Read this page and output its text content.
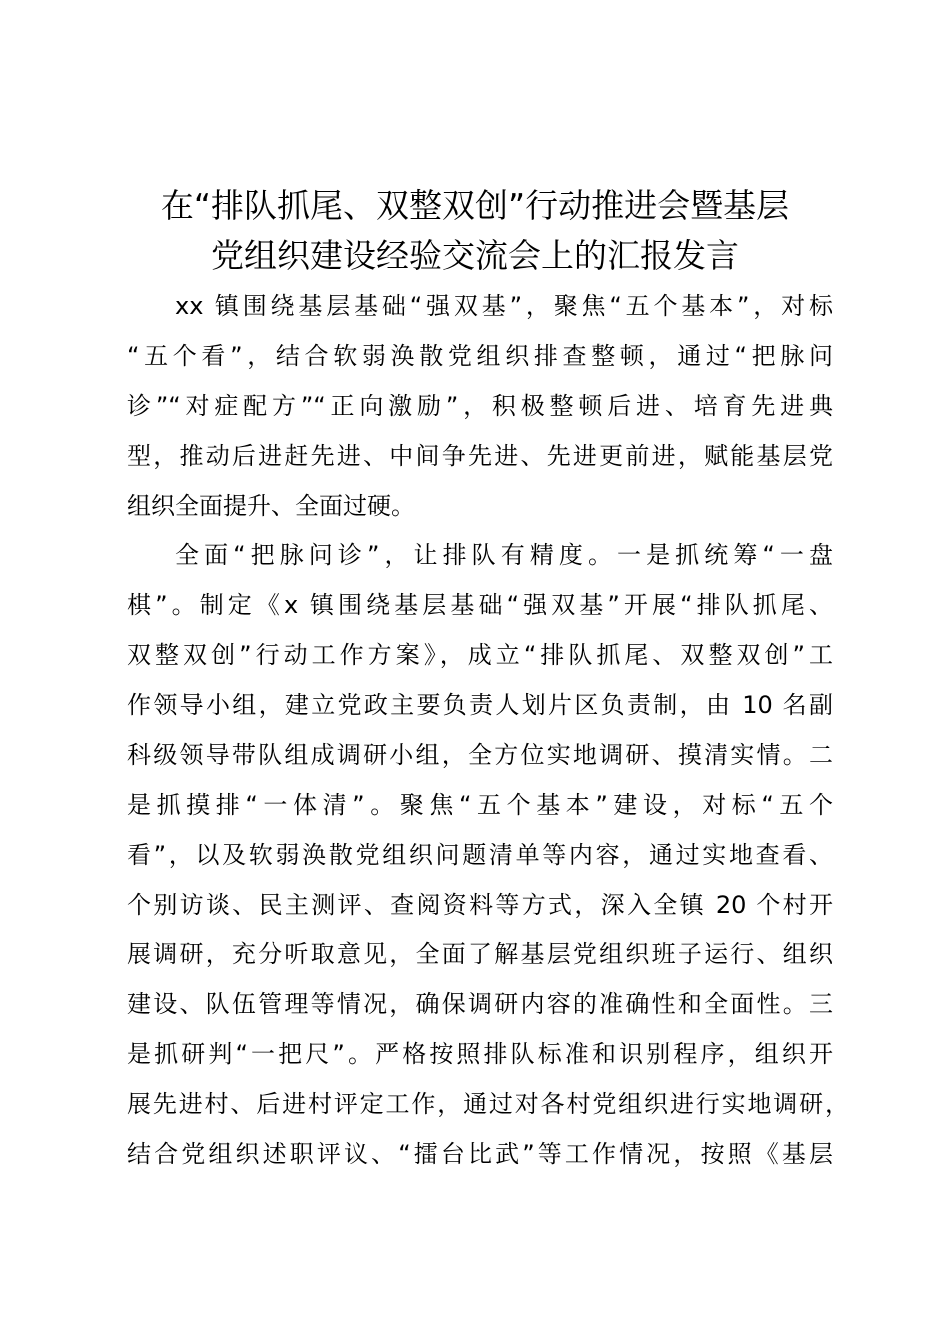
在“排队抓尾、双整双创”行动推进会暨基层
党组织建设经验交流会上的汇报发言

xx 镇围绕基层基础“强双基”，聚焦“五个基本”，对标

“五个看”，结合软弱涣散党组织排查整顿，通过“把脉问

诊”“对症配方”“正向激励”，积极整顿后进、培育先进典

型，推动后进赶先进、中间争先进、先进更前进，赋能基层党

组织全面提升、全面过硬。

全面“把脉问诊”，让排队有精度。一是抓统筹“一盘

棋”。制定《x 镇围绕基层基础“强双基”开展“排队抓尾、

双整双创”行动工作方案》，成立“排队抓尾、双整双创”工

作领导小组，建立党政主要负责人划片区负责制，由 10 名副

科级领导带队组成调研小组，全方位实地调研、摸清实情。二

是抓摸排“一体清”。聚焦“五个基本”建设，对标“五个

看”，以及软弱涣散党组织问题清单等内容，通过实地查看、

个别访谈、民主测评、查阅资料等方式，深入全镇 20 个村开

展调研，充分听取意见，全面了解基层党组织班子运行、组织

建设、队伍管理等情况，确保调研内容的准确性和全面性。三

是抓研判“一把尺”。严格按照排队标准和识别程序，组织开

展先进村、后进村评定工作，通过对各村党组织进行实地调研，

结合党组织述职评议、“擂台比武”等工作情况，按照《基层
